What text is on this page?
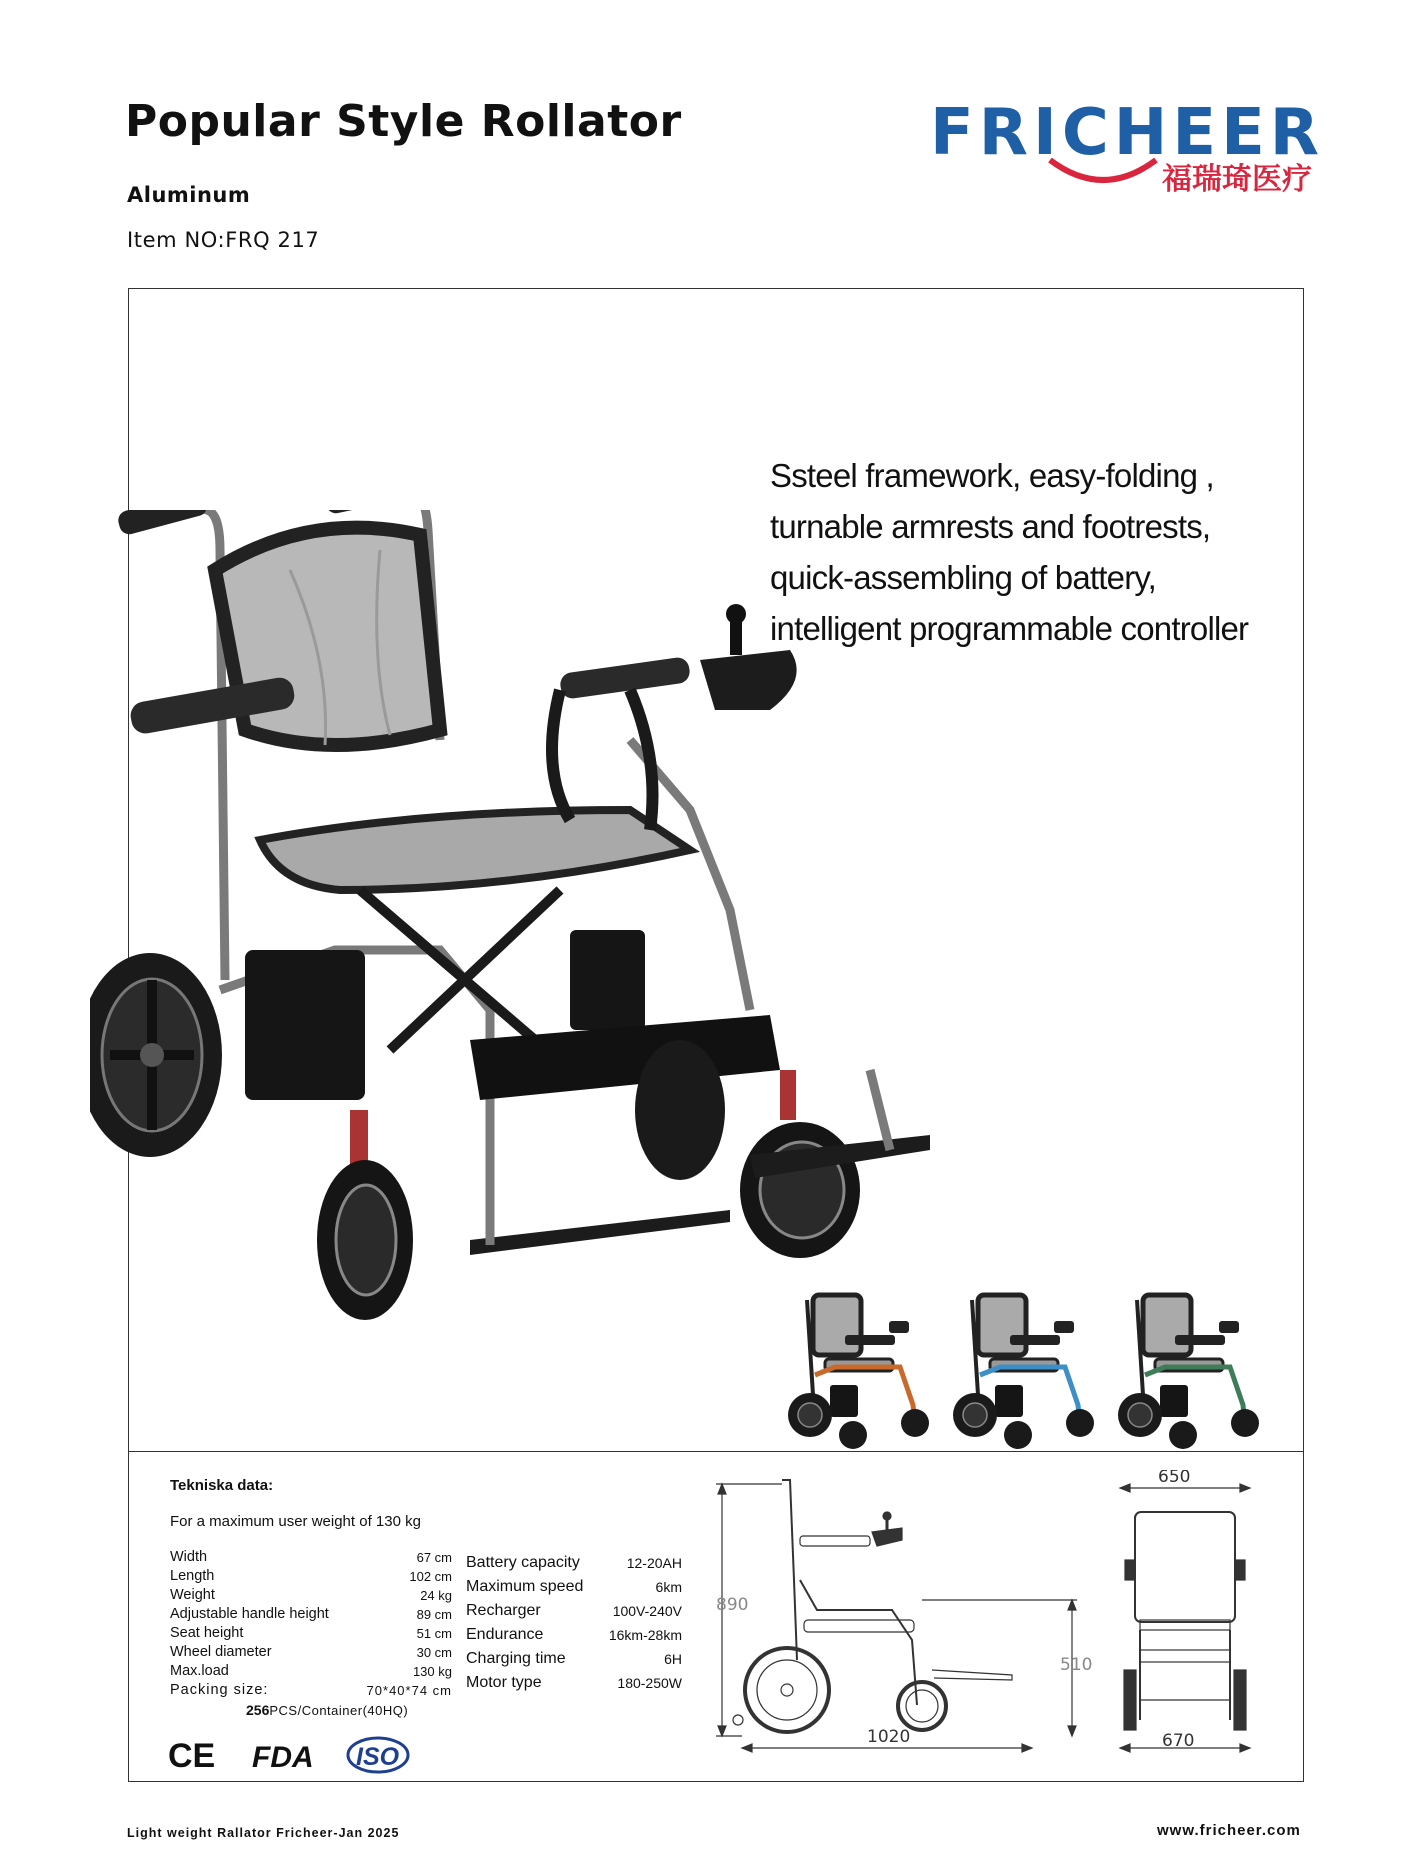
Popular Style Rollator
Aluminum
Item NO:FRQ 217
FRICHEER
福瑞琦医疗
Ssteel framework, easy-folding ,
turnable armrests and footrests,
quick-assembling of battery,
intelligent programmable controller
Tekniska data:
For a maximum user weight of 130 kg
Width	67 cm
Length	102 cm
Weight	24 kg
Adjustable handle height	89 cm
Seat height	51 cm
Wheel diameter	30 cm
Max.load	130 kg
Packing size:	70*40*74 cm
256PCS/Container(40HQ)
Battery capacity	12-20AH
Maximum speed	6km
Recharger	100V-240V
Endurance	16km-28km
Charging time	6H
Motor type	180-250W
CE FDA ISO
890
510
1020
650
670
Light weight Rallator Fricheer-Jan 2025	www.fricheer.com
